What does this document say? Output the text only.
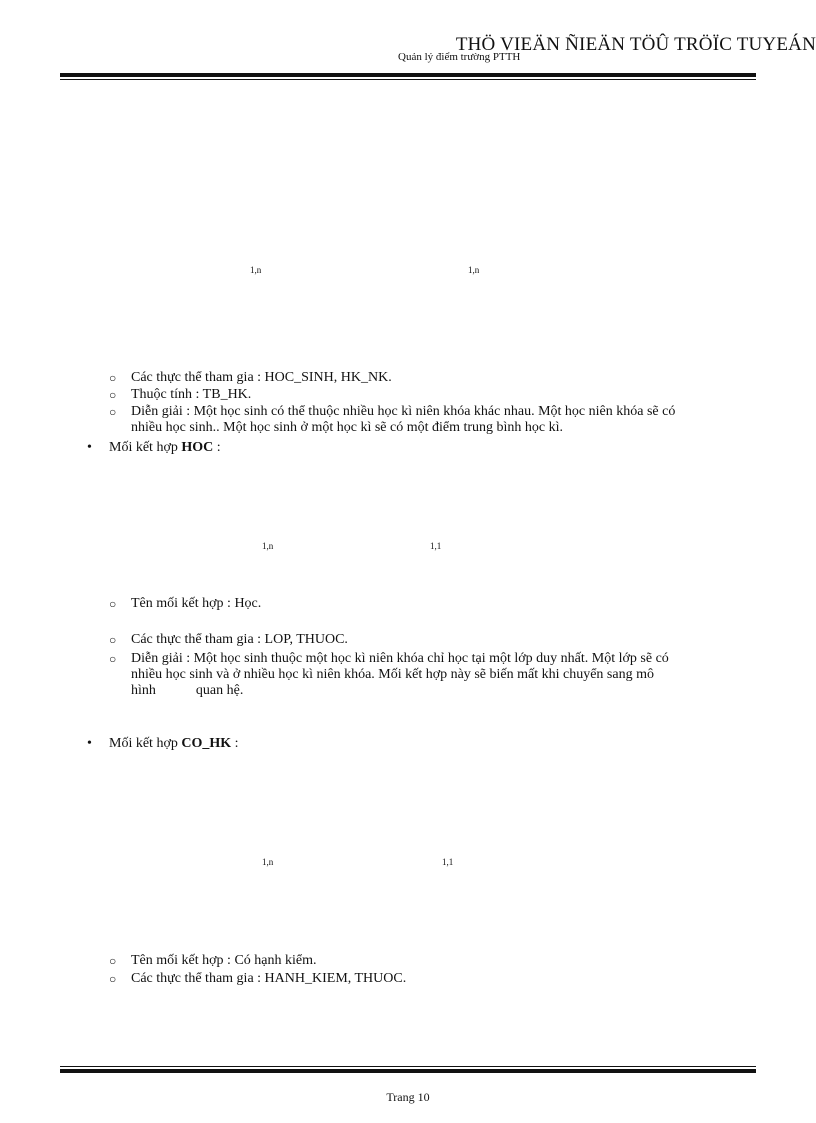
THÖ VIEÄN ÑIEÄN TÖÛ TRÖÏC TUYEÁN
Quản lý điểm trường PTTH
1,n	1,n
○ Các thực thể tham gia : HOC_SINH, HK_NK.
○ Thuộc tính : TB_HK.
○ Diễn giải : Một học sinh có thể thuộc nhiều học kì niên khóa khác nhau. Một học niên khóa sẽ có
nhiều học sinh.. Một học sinh ở một học kì sẽ có một điểm trung bình học kì.
• Mối kết hợp HOC :
1,n	1,1
○ Tên mối kết hợp : Học.
○ Các thực thể tham gia : LOP, THUOC.
○ Diễn giải : Một học sinh thuộc một học kì niên khóa chỉ học tại một lớp duy nhất. Một lớp sẽ có
nhiều học sinh và ở nhiều học kì niên khóa. Mối kết hợp này sẽ biến mất khi chuyển sang mô
hình	quan hệ.
• Mối kết hợp CO_HK :
1,n	1,1
○ Tên mối kết hợp : Có hạnh kiểm.
○ Các thực thể tham gia : HANH_KIEM, THUOC.
Trang 10
